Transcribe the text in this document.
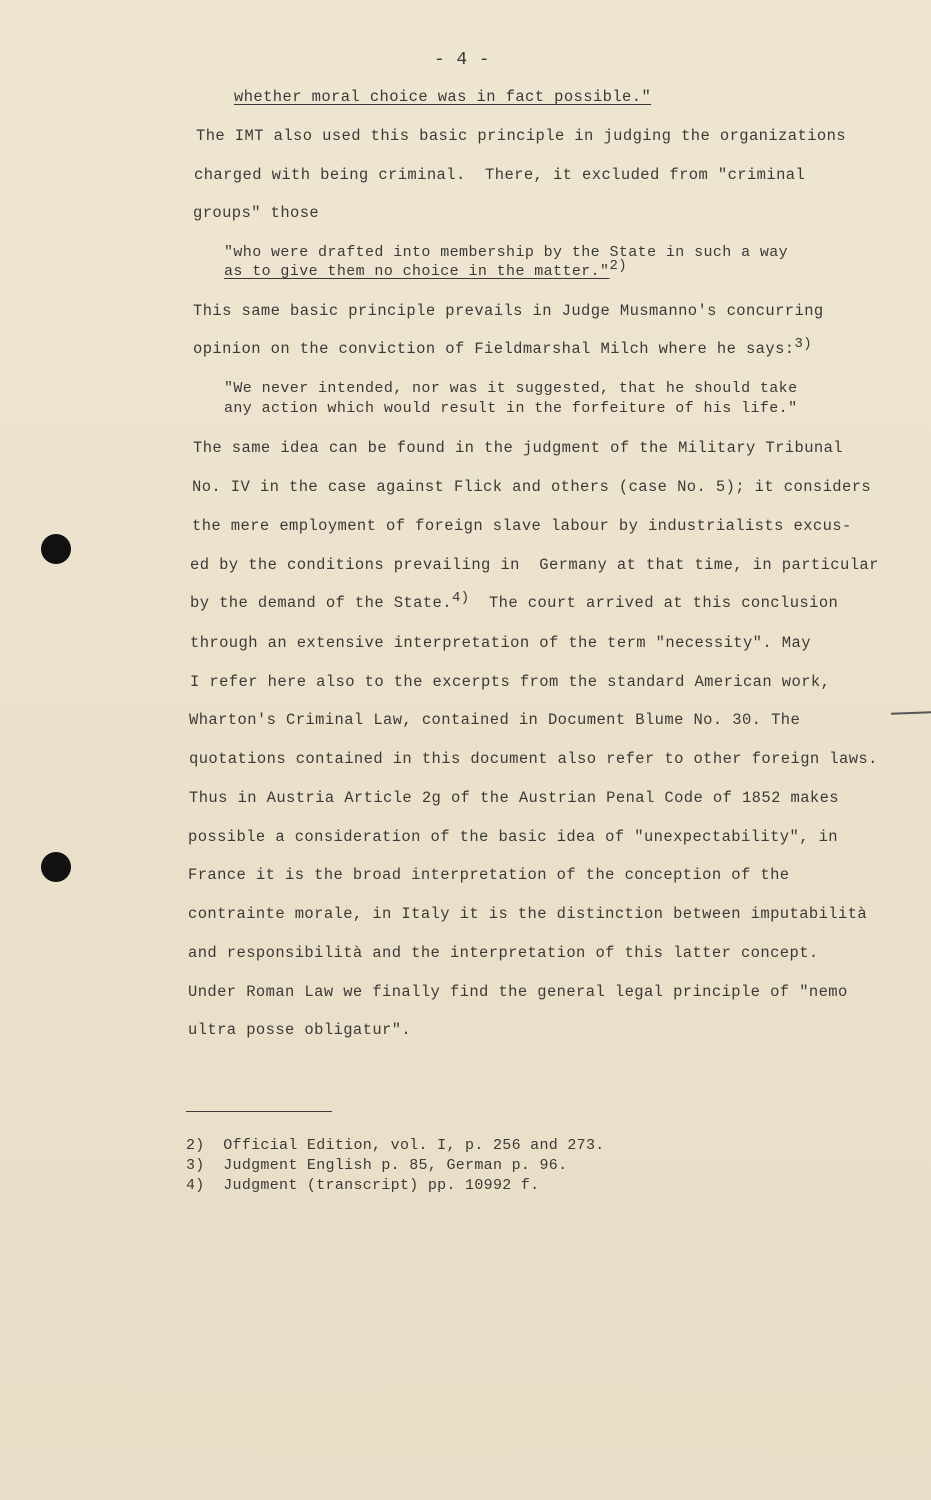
- 4 -
whether moral choice was in fact possible."
The IMT also used this basic principle in judging the organizations
charged with being criminal.  There, it excluded from "criminal
groups" those
"who were drafted into membership by the State in such a way
as to give them no choice in the matter."2)
This same basic principle prevails in Judge Musmanno's concurring
opinion on the conviction of Fieldmarshal Milch where he says:3)
"We never intended, nor was it suggested, that he should take
any action which would result in the forfeiture of his life."
The same idea can be found in the judgment of the Military Tribunal
No. IV in the case against Flick and others (case No. 5); it considers
the mere employment of foreign slave labour by industrialists excus-
ed by the conditions prevailing in  Germany at that time, in particular
by the demand of the State.4) The court arrived at this conclusion
through an extensive interpretation of the term "necessity". May
I refer here also to the excerpts from the standard American work,
Wharton's Criminal Law, contained in Document Blume No. 30. The
quotations contained in this document also refer to other foreign laws.
Thus in Austria Article 2g of the Austrian Penal Code of 1852 makes
possible a consideration of the basic idea of "unexpectability", in
France it is the broad interpretation of the conception of the
contrainte morale, in Italy it is the distinction between imputabilità
and responsibilità and the interpretation of this latter concept.
Under Roman Law we finally find the general legal principle of "nemo
ultra posse obligatur".
2) Official Edition, vol. I, p. 256 and 273.
3) Judgment English p. 85, German p. 96.
4) Judgment (transcript) pp. 10992 f.
